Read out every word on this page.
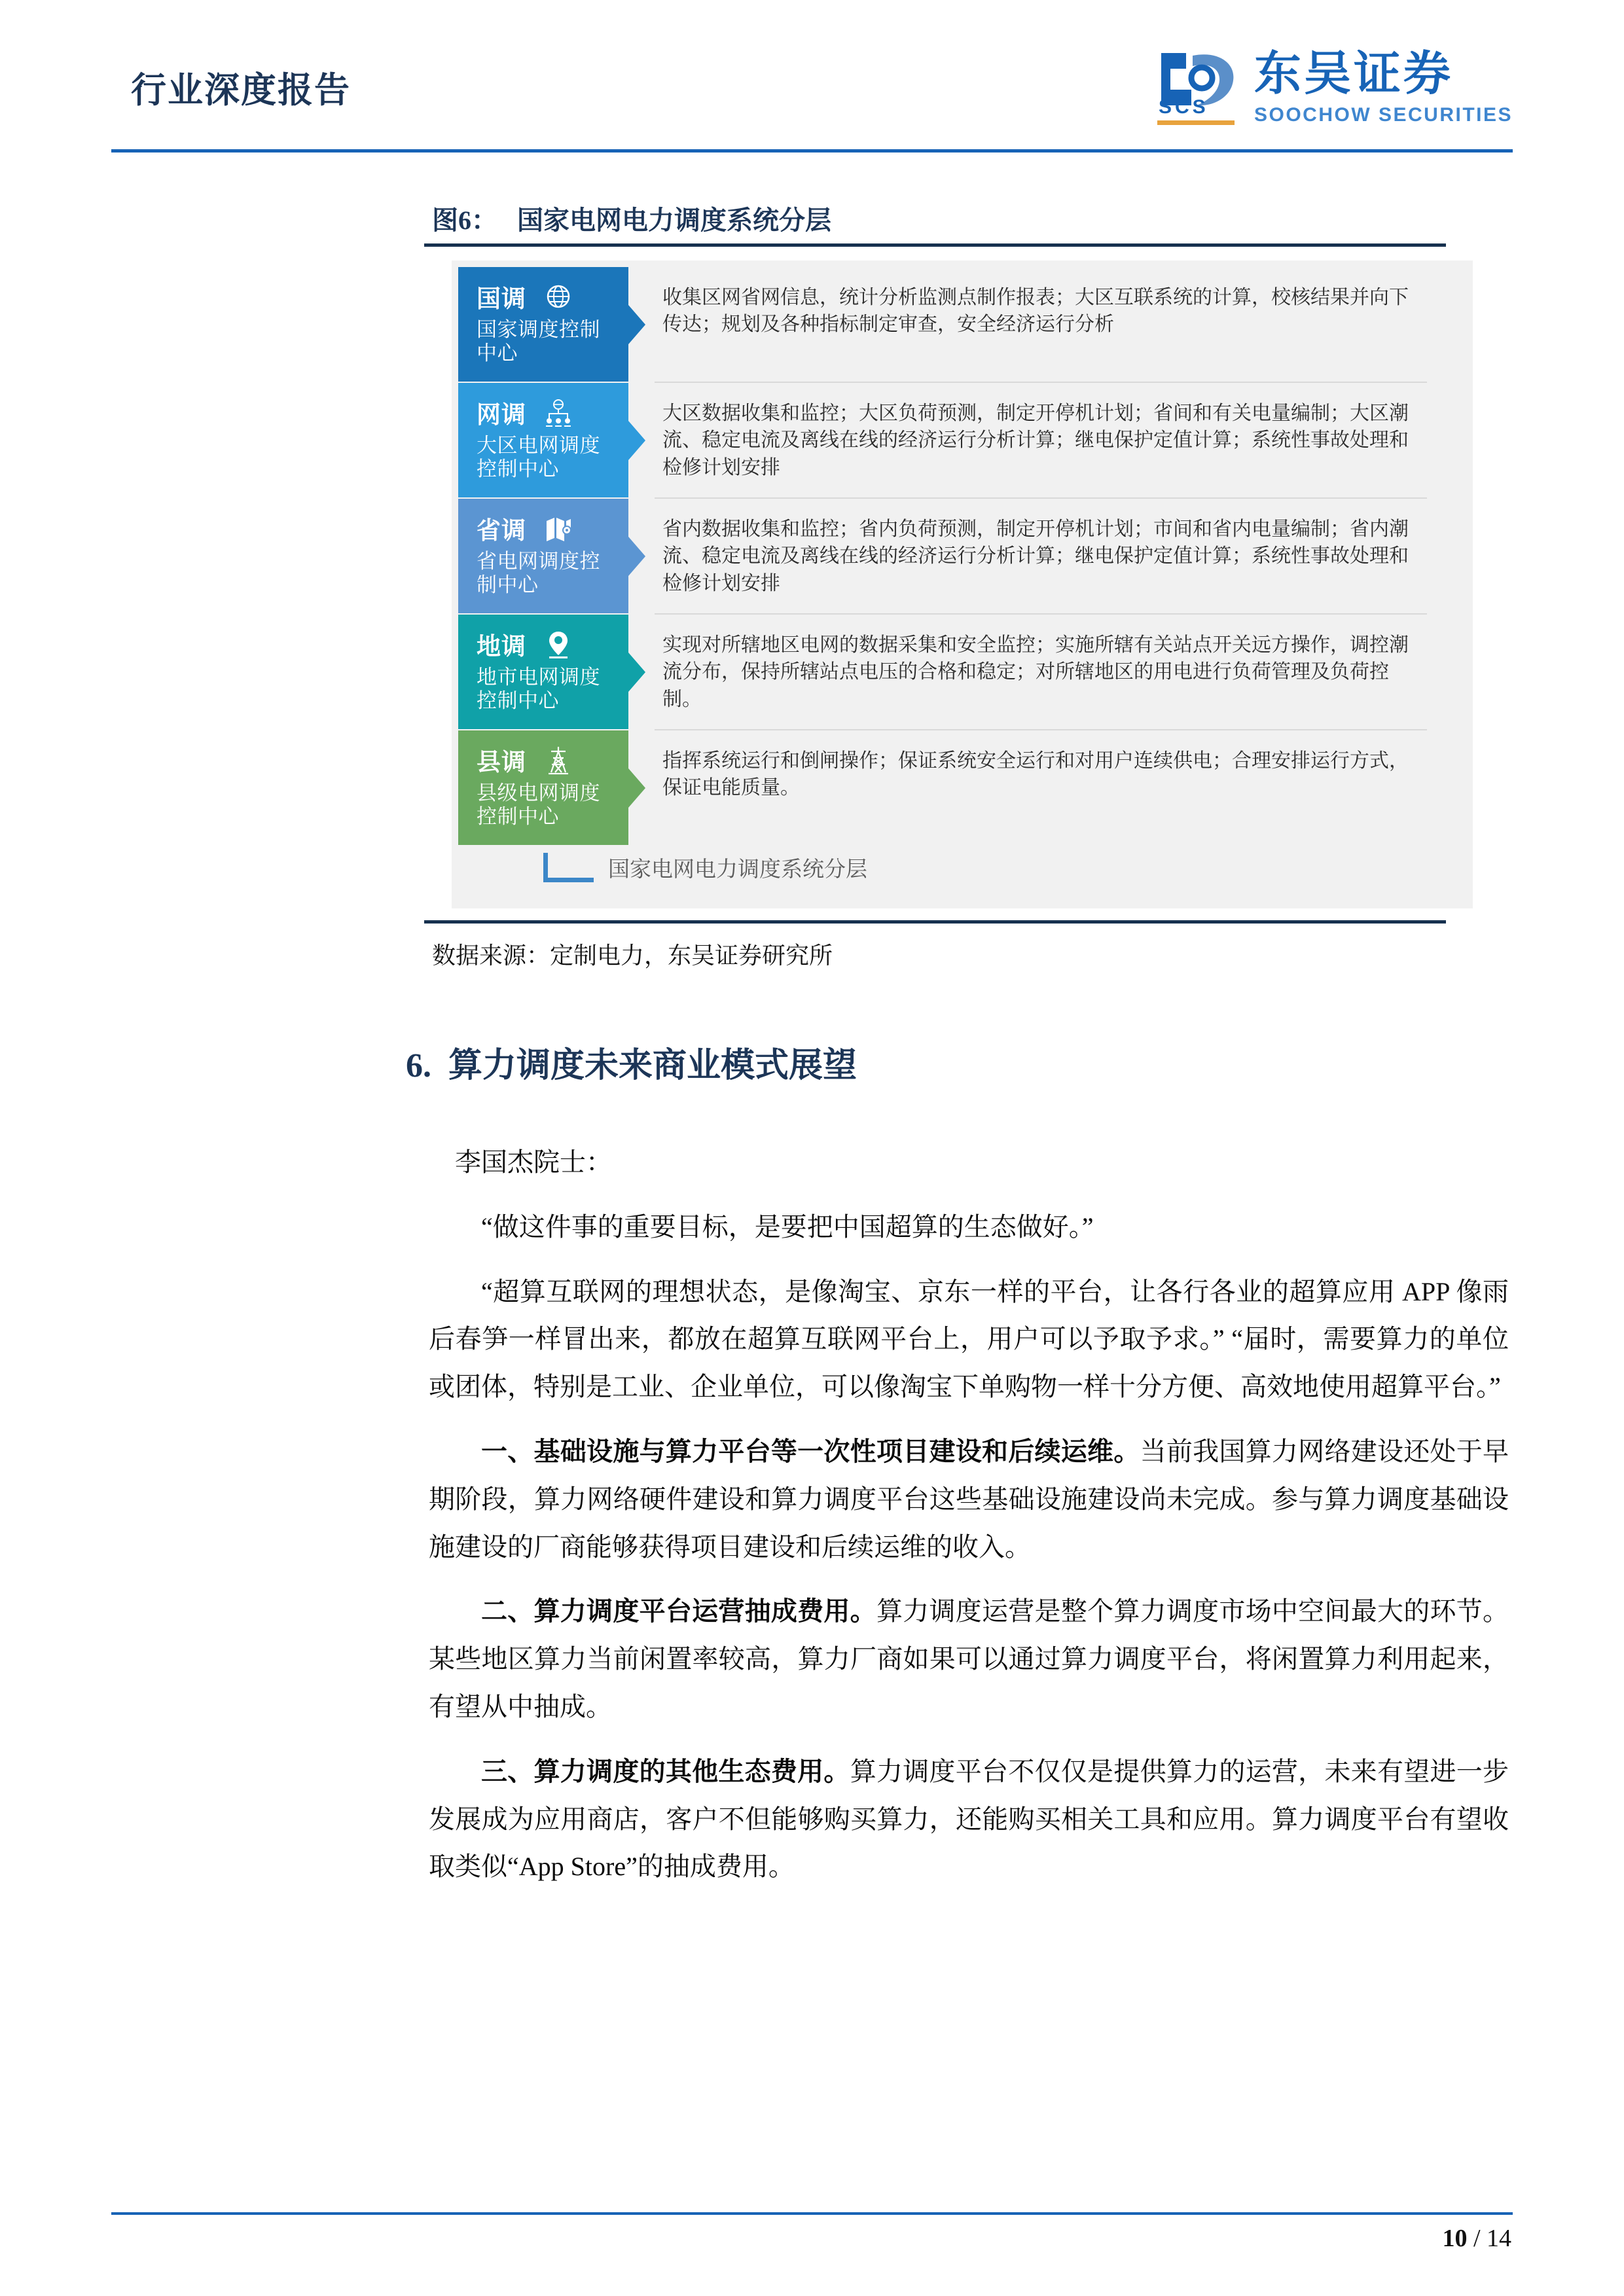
行业深度报告	SCS
东吴证券
SOOCHOW SECURITIES
图6： 国家电网电力调度系统分层
国调
国家调度控制中心
收集区网省网信息，统计分析监测点制作报表；大区互联系统的计算，校核结果并向下传达；规划及各种指标制定审查，安全经济运行分析
网调
大区电网调度控制中心
大区数据收集和监控；大区负荷预测，制定开停机计划；省间和有关电量编制；大区潮流、稳定电流及离线在线的经济运行分析计算；继电保护定值计算；系统性事故处理和检修计划安排
省调
省电网调度控制中心
省内数据收集和监控；省内负荷预测，制定开停机计划；市间和省内电量编制；省内潮流、稳定电流及离线在线的经济运行分析计算；继电保护定值计算；系统性事故处理和检修计划安排
地调
地市电网调度控制中心
实现对所辖地区电网的数据采集和安全监控；实施所辖有关站点开关远方操作，调控潮流分布，保持所辖站点电压的合格和稳定；对所辖地区的用电进行负荷管理及负荷控制。
县调
县级电网调度控制中心
指挥系统运行和倒闸操作；保证系统安全运行和对用户连续供电；合理安排运行方式，保证电能质量。
国家电网电力调度系统分层
数据来源：定制电力，东吴证券研究所
6. 算力调度未来商业模式展望

李国杰院士：

“做这件事的重要目标，是要把中国超算的生态做好。”

“超算互联网的理想状态，是像淘宝、京东一样的平台，让各行各业的超算应用 APP 像雨后春笋一样冒出来，都放在超算互联网平台上，用户可以予取予求。” “届时，需要算力的单位或团体，特别是工业、企业单位，可以像淘宝下单购物一样十分方便、高效地使用超算平台。”

一、基础设施与算力平台等一次性项目建设和后续运维。当前我国算力网络建设还处于早期阶段，算力网络硬件建设和算力调度平台这些基础设施建设尚未完成。参与算力调度基础设施建设的厂商能够获得项目建设和后续运维的收入。

二、算力调度平台运营抽成费用。算力调度运营是整个算力调度市场中空间最大的环节。某些地区算力当前闲置率较高，算力厂商如果可以通过算力调度平台，将闲置算力利用起来，有望从中抽成。

三、算力调度的其他生态费用。算力调度平台不仅仅是提供算力的运营，未来有望进一步发展成为应用商店，客户不但能够购买算力，还能购买相关工具和应用。算力调度平台有望收取类似“App Store”的抽成费用。

10 / 14
